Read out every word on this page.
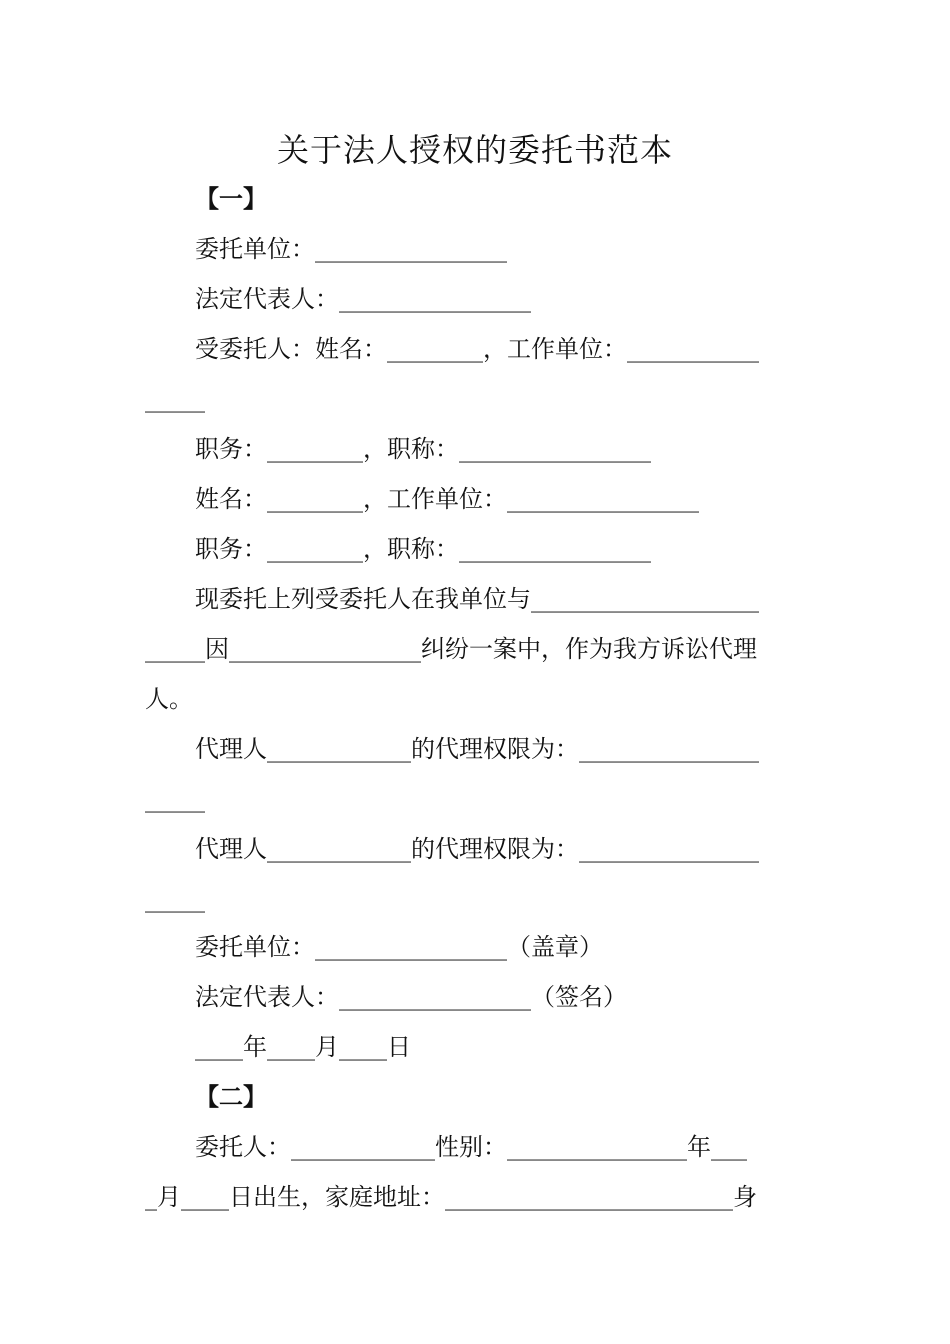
关于法人授权的委托书范本
【一】
委托单位：________________
法定代表人：________________
受委托人：姓名：________，工作单位：___________
_____
职务：________，职称：________________
姓名：________，工作单位：________________
职务：________，职称：________________
现委托上列受委托人在我单位与___________________
_____因________________纠纷一案中，作为我方诉讼代理
人。
代理人____________的代理权限为：_______________
_____
代理人____________的代理权限为：_______________
_____
委托单位：________________（盖章）
法定代表人：________________（签名）
____年____月____日
【二】
委托人：____________性别：_______________年___
_月____日出生，家庭地址：________________________身
